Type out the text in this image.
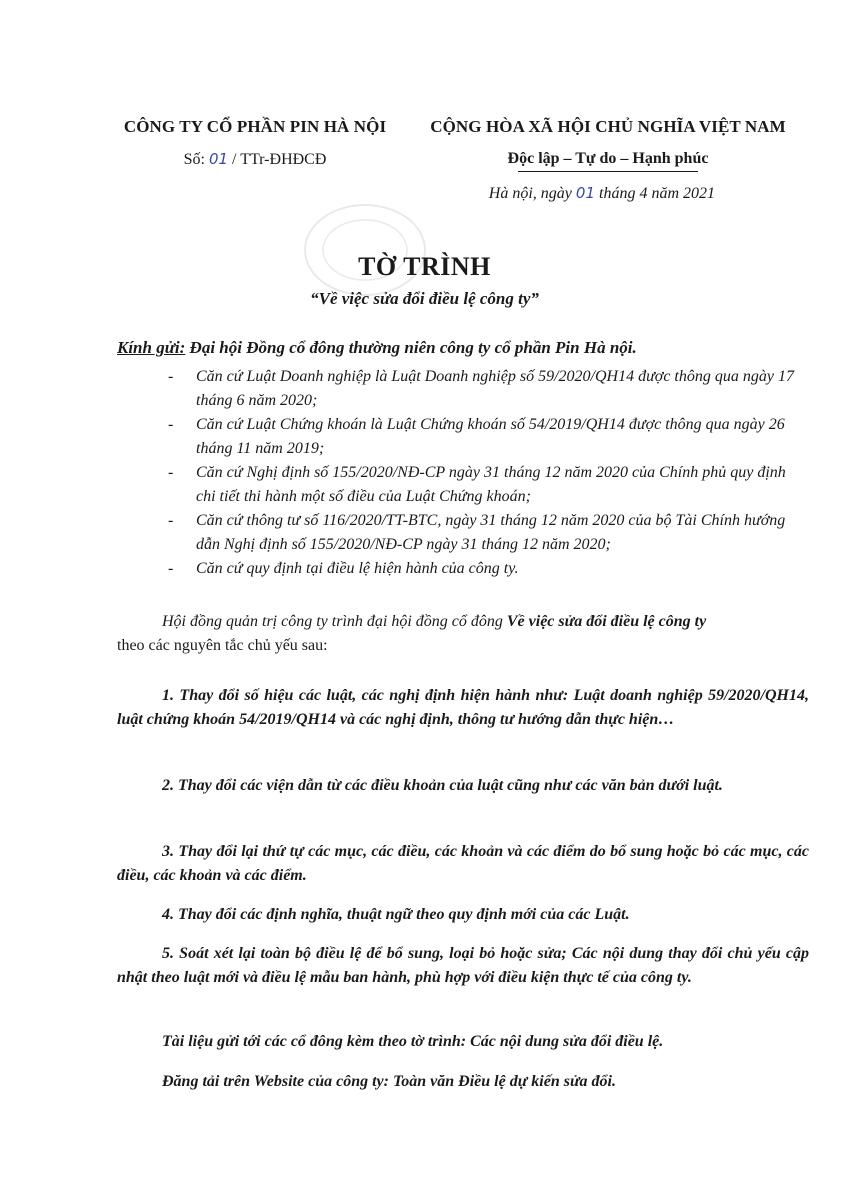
CÔNG TY CỔ PHẦN PIN HÀ NỘI
Số: 01 / TTr-ĐHĐCĐ
CỘNG HÒA XÃ HỘI CHỦ NGHĨA VIỆT NAM
Độc lập – Tự do – Hạnh phúc
Hà nội, ngày 01 tháng 4 năm 2021
TỜ TRÌNH
“Về việc sửa đổi điều lệ công ty”
Kính gửi: Đại hội Đồng cổ đông thường niên công ty cổ phần Pin Hà nội.
- Căn cứ Luật Doanh nghiệp là Luật Doanh nghiệp số 59/2020/QH14 được thông qua ngày 17 tháng 6 năm 2020;
- Căn cứ Luật Chứng khoán là Luật Chứng khoán số 54/2019/QH14 được thông qua ngày 26 tháng 11 năm 2019;
- Căn cứ Nghị định số 155/2020/NĐ-CP ngày 31 tháng 12 năm 2020 của Chính phủ quy định chi tiết thi hành một số điều của Luật Chứng khoán;
- Căn cứ thông tư số 116/2020/TT-BTC, ngày 31 tháng 12 năm 2020 của bộ Tài Chính hướng dẫn Nghị định số 155/2020/NĐ-CP ngày 31 tháng 12 năm 2020;
- Căn cứ quy định tại điều lệ hiện hành của công ty.
Hội đồng quản trị công ty trình đại hội đồng cổ đông Về việc sửa đổi điều lệ công ty
theo các nguyên tắc chủ yếu sau:

1. Thay đổi số hiệu các luật, các nghị định hiện hành như: Luật doanh nghiệp 59/2020/QH14, luật chứng khoán 54/2019/QH14 và các nghị định, thông tư hướng dẫn thực hiện…

2. Thay đổi các viện dẫn từ các điều khoản của luật cũng như các văn bản dưới luật.

3. Thay đổi lại thứ tự các mục, các điều, các khoản và các điểm do bổ sung hoặc bỏ các mục, các điều, các khoản và các điểm.

4. Thay đổi các định nghĩa, thuật ngữ theo quy định mới của các Luật.

5. Soát xét lại toàn bộ điều lệ để bổ sung, loại bỏ hoặc sửa; Các nội dung thay đổi chủ yếu cập nhật theo luật mới và điều lệ mẫu ban hành, phù hợp với điều kiện thực tế của công ty.

Tài liệu gửi tới các cổ đông kèm theo tờ trình: Các nội dung sửa đổi điều lệ.

Đăng tải trên Website của công ty: Toàn văn Điều lệ dự kiến sửa đổi.
